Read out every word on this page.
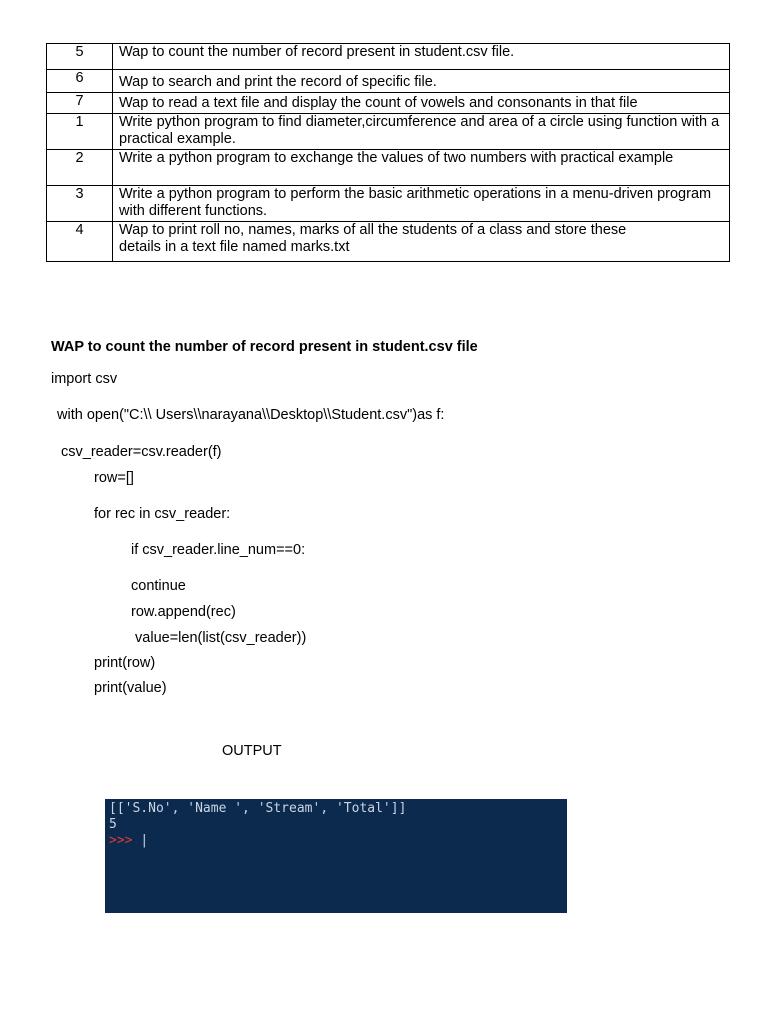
5	Wap to count the number of record present in student.csv file.
6	Wap to search and print the record of specific file.
7	Wap to read a text file and display the count of vowels and consonants in that file
1	Write python program to find diameter,circumference and area of a circle using function with a practical example.
2	Write a python program to exchange the values of two numbers with practical example
3	Write a python program to perform the basic arithmetic operations in a menu-driven program with different functions.
4	Wap to print roll no, names, marks of all the students of a class and store these details in a text file named marks.txt
WAP to count the number of record present in student.csv file
import csv
with open("C:\\ Users\\narayana\\Desktop\\Student.csv")as f:
csv_reader=csv.reader(f)
row=[]
for rec in csv_reader:
if csv_reader.line_num==0:
continue
row.append(rec)
value=len(list(csv_reader))
print(row)
print(value)
OUTPUT
[['S.No', 'Name ', 'Stream', 'Total']]
5
>>> |
